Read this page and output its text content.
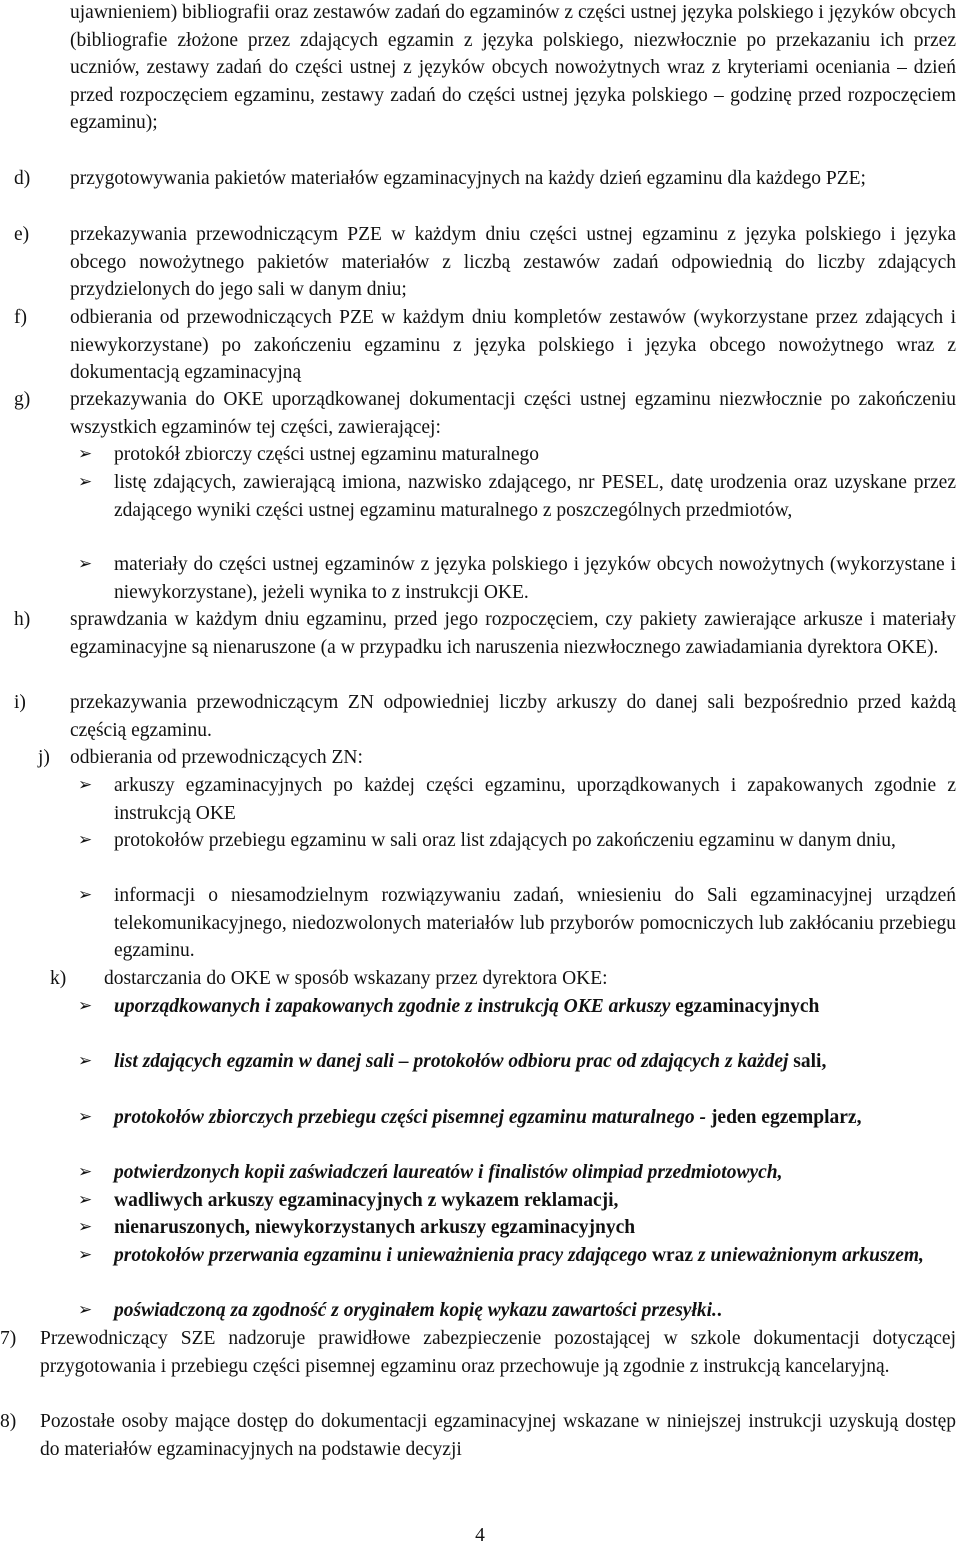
ujawnieniem) bibliografii oraz zestawów zadań do egzaminów z części ustnej języka polskiego i języków obcych (bibliografie złożone przez zdających egzamin z języka polskiego, niezwłocznie po przekazaniu ich przez uczniów, zestawy zadań do części ustnej z języków obcych nowożytnych wraz z kryteriami oceniania – dzień przed rozpoczęciem egzaminu, zestawy zadań do części ustnej języka polskiego – godzinę przed rozpoczęciem egzaminu);

d) przygotowywania pakietów materiałów egzaminacyjnych na każdy dzień egzaminu dla każdego PZE;
e) przekazywania przewodniczącym PZE w każdym dniu części ustnej egzaminu z języka polskiego i języka obcego nowożytnego pakietów materiałów z liczbą zestawów zadań odpowiednią do liczby zdających przydzielonych do jego sali w danym dniu;
f) odbierania od przewodniczących PZE w każdym dniu kompletów zestawów (wykorzystane przez zdających i niewykorzystane) po zakończeniu egzaminu z języka polskiego i języka obcego nowożytnego wraz z dokumentacją egzaminacyjną
g) przekazywania do OKE uporządkowanej dokumentacji części ustnej egzaminu niezwłocznie po zakończeniu wszystkich egzaminów tej części, zawierającej:
➢ protokół zbiorczy części ustnej egzaminu maturalnego
➢ listę zdających, zawierającą imiona, nazwisko zdającego, nr PESEL, datę urodzenia oraz uzyskane przez zdającego wyniki części ustnej egzaminu maturalnego z poszczególnych przedmiotów,
➢ materiały do części ustnej egzaminów z języka polskiego i języków obcych nowożytnych (wykorzystane i niewykorzystane), jeżeli wynika to z instrukcji OKE.
h) sprawdzania w każdym dniu egzaminu, przed jego rozpoczęciem, czy pakiety zawierające arkusze i materiały egzaminacyjne są nienaruszone (a w przypadku ich naruszenia niezwłocznego zawiadamiania dyrektora OKE).
i) przekazywania przewodniczącym ZN odpowiedniej liczby arkuszy do danej sali bezpośrednio przed każdą częścią egzaminu.
j) odbierania od przewodniczących ZN:
➢ arkuszy egzaminacyjnych po każdej części egzaminu, uporządkowanych i zapakowanych zgodnie z instrukcją OKE
➢ protokołów przebiegu egzaminu w sali oraz list zdających po zakończeniu egzaminu w danym dniu,
➢ informacji o niesamodzielnym rozwiązywaniu zadań, wniesieniu do Sali egzaminacyjnej urządzeń telekomunikacyjnego, niedozwolonych materiałów lub przyborów pomocniczych lub zakłócaniu przebiegu egzaminu.
k) dostarczania do OKE w sposób wskazany przez dyrektora OKE:
➢ uporządkowanych i zapakowanych zgodnie z instrukcją OKE arkuszy egzaminacyjnych
➢ list zdających egzamin w danej sali – protokołów odbioru prac od zdających z każdej sali,
➢ protokołów zbiorczych przebiegu części pisemnej egzaminu maturalnego - jeden egzemplarz,
➢ potwierdzonych kopii zaświadczeń laureatów i finalistów olimpiad przedmiotowych,
➢ wadliwych arkuszy egzaminacyjnych z wykazem reklamacji,
➢ nienaruszonych, niewykorzystanych arkuszy egzaminacyjnych
➢ protokołów przerwania egzaminu i unieważnienia pracy zdającego wraz z unieważnionym arkuszem,
➢ poświadczoną za zgodność z oryginałem kopię wykazu zawartości przesyłki..
7) Przewodniczący SZE nadzoruje prawidłowe zabezpieczenie pozostającej w szkole dokumentacji dotyczącej przygotowania i przebiegu części pisemnej egzaminu oraz przechowuje ją zgodnie z instrukcją kancelaryjną.
8) Pozostałe osoby mające dostęp do dokumentacji egzaminacyjnej wskazane w niniejszej instrukcji uzyskują dostęp do materiałów egzaminacyjnych na podstawie decyzji
4
